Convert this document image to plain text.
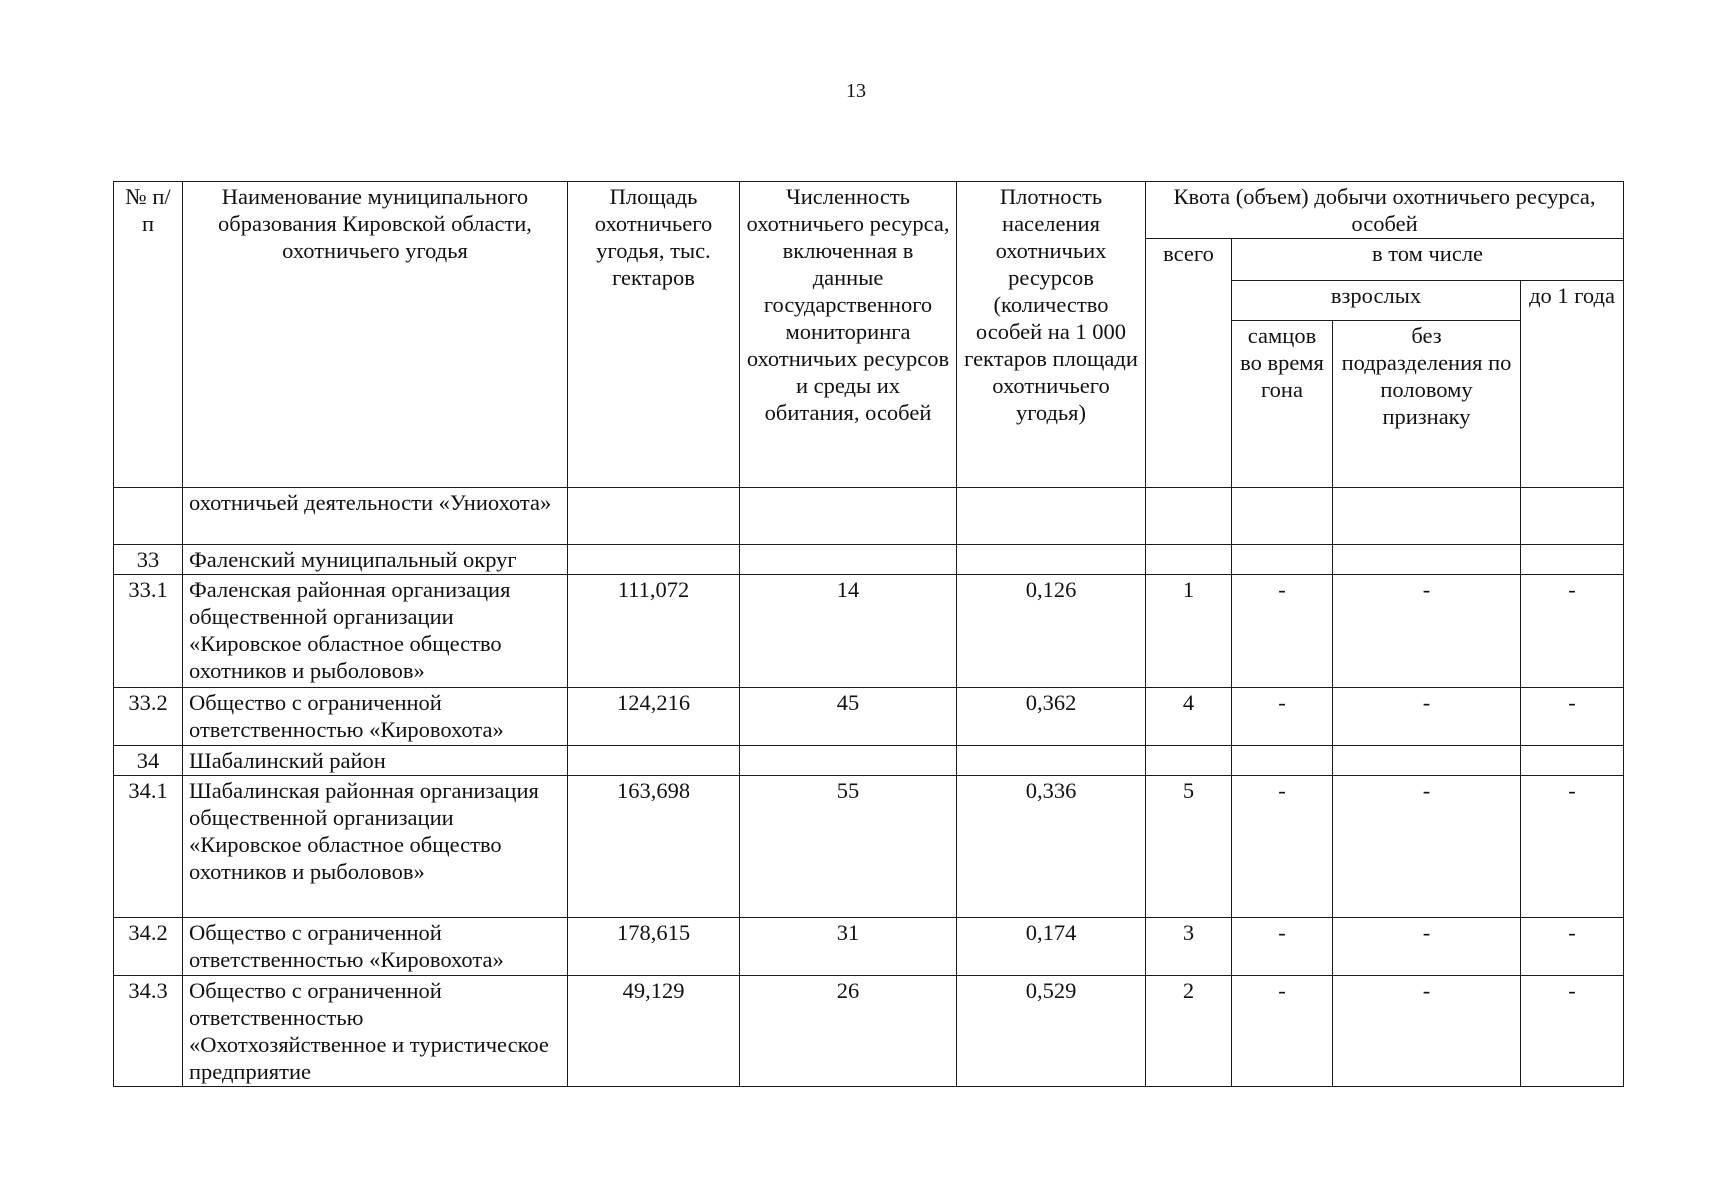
13
№ п/п	Наименование муниципального образования Кировской области, охотничьего угодья	Площадь охотничьего угодья, тыс. гектаров	Численность охотничьего ресурса, включенная в данные государственного мониторинга охотничьих ресурсов и среды их обитания, особей	Плотность населения охотничьих ресурсов (количество особей на 1 000 гектаров площади охотничьего угодья)	Квота (объем) добычи охотничьего ресурса, особей			
					всего	в том числе		
						взрослых		до 1 года
						самцов во время гона	без подразделения по половому признаку	
	охотничьей деятельности «Униохота»							
33	Фаленский муниципальный округ							
33.1	Фаленская районная организация общественной организации «Кировское областное общество охотников и рыболовов»	111,072	14	0,126	1	-	-	-
33.2	Общество с ограниченной ответственностью «Кировохота»	124,216	45	0,362	4	-	-	-
34	Шабалинский район							
34.1	Шабалинская районная организация общественной организации «Кировское областное общество охотников и рыболовов»	163,698	55	0,336	5	-	-	-
34.2	Общество с ограниченной ответственностью «Кировохота»	178,615	31	0,174	3	-	-	-
34.3	Общество с ограниченной ответственностью «Охотхозяйственное и туристическое предприятие	49,129	26	0,529	2	-	-	-
